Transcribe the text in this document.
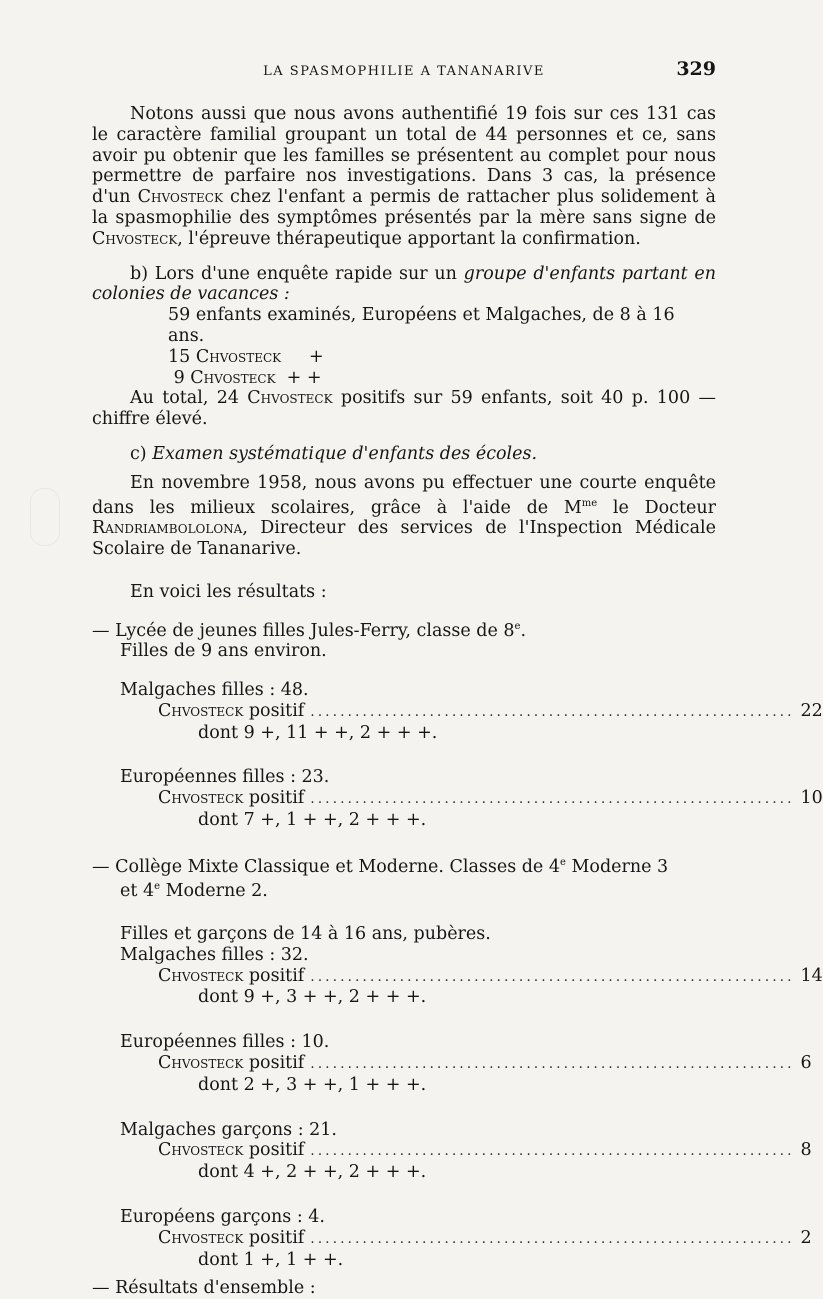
LA SPASMOPHILIE A TANANARIVE	329

Notons aussi que nous avons authentifié 19 fois sur ces 131 cas le caractère familial groupant un total de 44 personnes et ce, sans avoir pu obtenir que les familles se présentent au complet pour nous permettre de parfaire nos investigations. Dans 3 cas, la présence d'un Chvosteck chez l'enfant a permis de rattacher plus solidement à la spasmophilie des symptômes présentés par la mère sans signe de Chvosteck, l'épreuve thérapeutique apportant la confirmation.

b) Lors d'une enquête rapide sur un groupe d'enfants partant en colonies de vacances :

59 enfants examinés, Européens et Malgaches, de 8 à 16 ans.
15 Chvosteck     +
9 Chvosteck  + +

Au total, 24 Chvosteck positifs sur 59 enfants, soit 40 p. 100 — chiffre élevé.

c) Examen systématique d'enfants des écoles.

En novembre 1958, nous avons pu effectuer une courte enquête dans les milieux scolaires, grâce à l'aide de $M^{me}$ le Docteur Randriambololona, Directeur des services de l'Inspection Médicale Scolaire de Tananarive.

En voici les résultats :

— Lycée de jeunes filles Jules-Ferry, classe de 8e.
Filles de 9 ans environ.
Malgaches filles : 48.
Chvosteck positif ................................................................. 22
dont 9 +, 11 + +, 2 + + +.
Européennes filles : 23.
Chvosteck positif ................................................................. 10
dont 7 +, 1 + +, 2 + + +.
— Collège Mixte Classique et Moderne. Classes de 4e Moderne 3
et 4e Moderne 2.
Filles et garçons de 14 à 16 ans, pubères.
Malgaches filles : 32.
Chvosteck positif ................................................................. 14
dont 9 +, 3 + +, 2 + + +.
Européennes filles : 10.
Chvosteck positif ................................................................. 6
dont 2 +, 3 + +, 1 + + +.
Malgaches garçons : 21.
Chvosteck positif ................................................................. 8
dont 4 +, 2 + +, 2 + + +.
Européens garçons : 4.
Chvosteck positif ................................................................. 2
dont 1 +, 1 + +.
— Résultats d'ensemble :
